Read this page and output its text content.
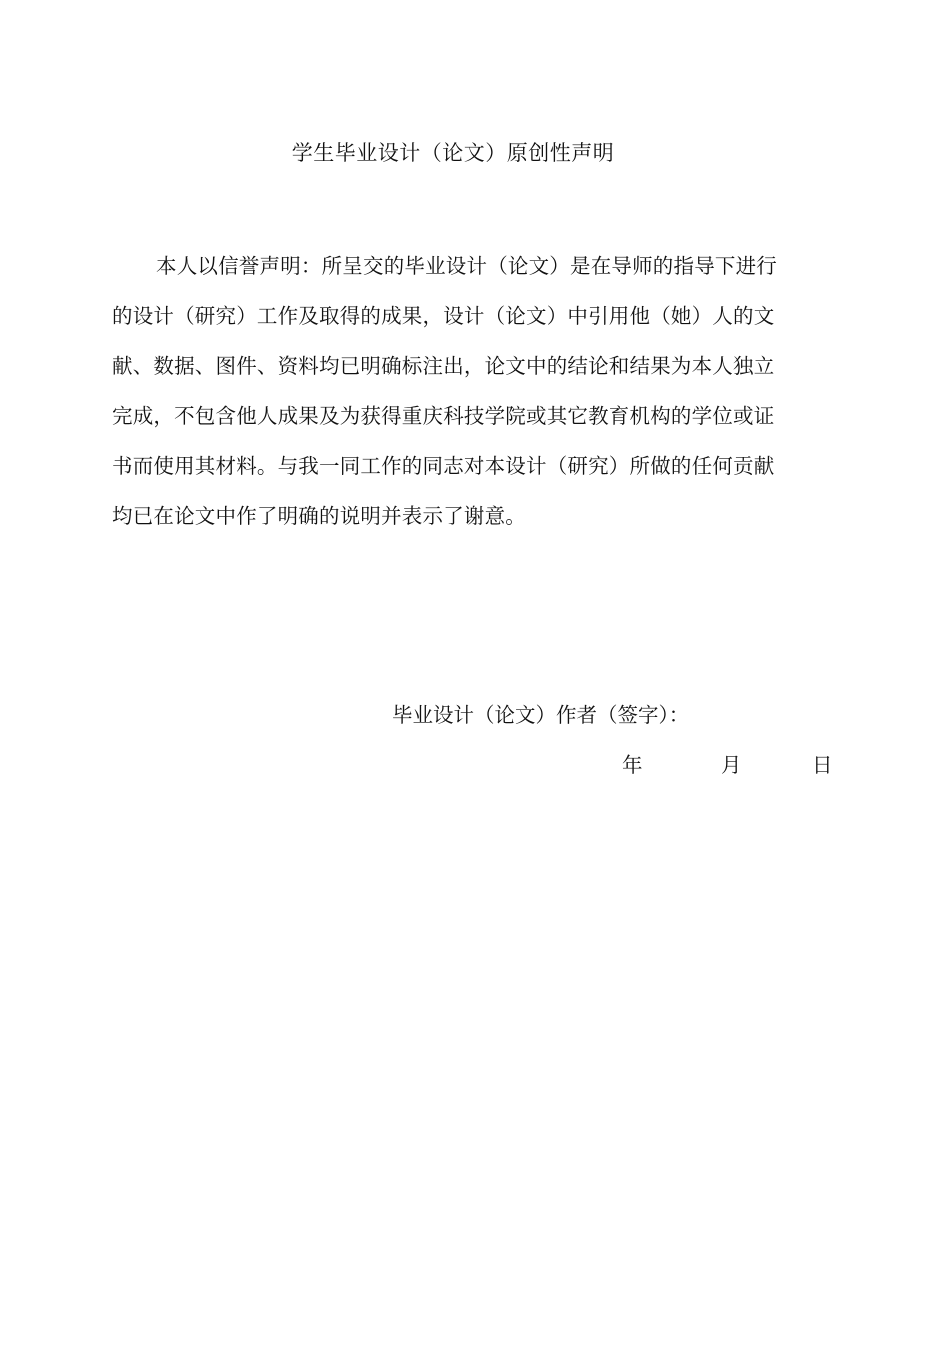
学生毕业设计（论文）原创性声明
本人以信誉声明：所呈交的毕业设计（论文）是在导师的指导下进行
的设计（研究）工作及取得的成果，设计（论文）中引用他（她）人的文
献、数据、图件、资料均已明确标注出，论文中的结论和结果为本人独立
完成，不包含他人成果及为获得重庆科技学院或其它教育机构的学位或证
书而使用其材料。与我一同工作的同志对本设计（研究）所做的任何贡献
均已在论文中作了明确的说明并表示了谢意。
毕业设计（论文）作者（签字）：
年	月	日
